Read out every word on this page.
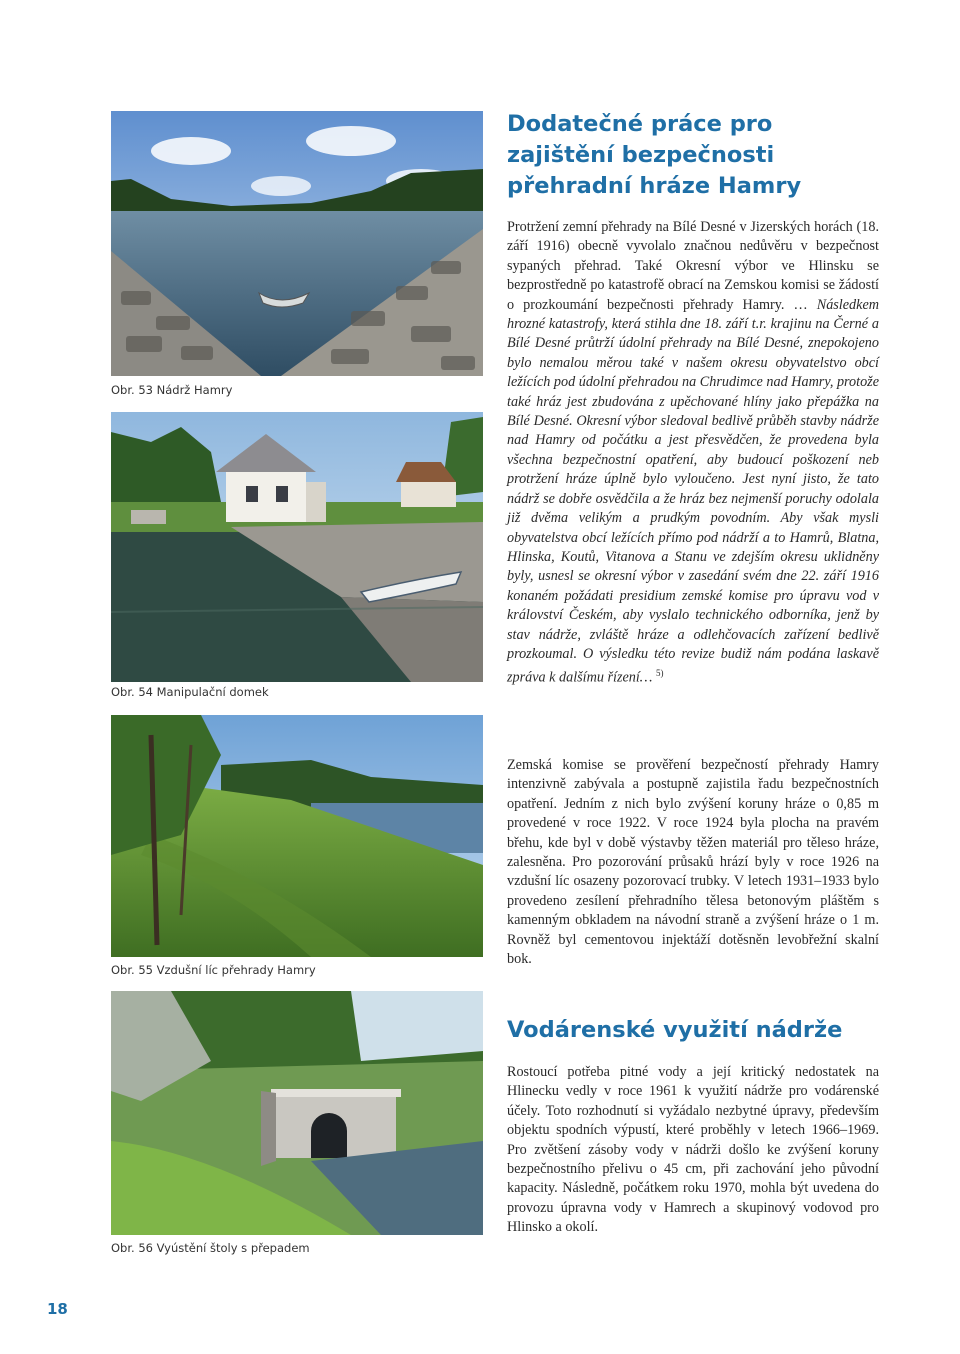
Obr. 53 Nádrž Hamry
Obr. 54 Manipulační domek
Obr. 55 Vzdušní líc přehrady Hamry
Obr. 56 Vyústění štoly s přepadem
Dodatečné práce pro zajištění bezpečnosti přehradní hráze Hamry

Protržení zemní přehrady na Bílé Desné v Jizerských horách (18. září 1916) obecně vyvolalo značnou nedůvěru v bezpečnost sypaných přehrad. Také Okresní výbor ve Hlinsku se bezprostředně po katastrofě obrací na Zemskou komisi se žádostí o prozkoumání bezpečnosti přehrady Hamry. … Následkem hrozné katastrofy, která stihla dne 18. září t.r. krajinu na Černé a Bílé Desné průtrží údolní přehrady na Bílé Desné, znepokojeno bylo nemalou měrou také v našem okresu obyvatelstvo obcí ležících pod údolní přehradou na Chrudimce nad Hamry, protože také hráz jest zbudována z upěchované hlíny jako přepážka na Bílé Desné. Okresní výbor sledoval bedlivě průběh stavby nádrže nad Hamry od počátku a jest přesvědčen, že provedena byla všechna bezpečnostní opatření, aby budoucí poškození neb protržení hráze úplně bylo vyloučeno. Jest nyní jisto, že tato nádrž se dobře osvědčila a že hráz bez nejmenší poruchy odolala již dvěma velikým a prudkým povodním. Aby však mysli obyvatelstva obcí ležících přímo pod nádrží a to Hamrů, Blatna, Hlinska, Koutů, Vitanova a Stanu ve zdejším okresu uklidněny byly, usnesl se okresní výbor v zasedání svém dne 22. září 1916 konaném požádati presidium zemské komise pro úpravu vod v království Českém, aby vyslalo technického odborníka, jenž by stav nádrže, zvláště hráze a odlehčovacích zařízení bedlivě prozkoumal. O výsledku této revize budiž nám podána laskavě zpráva k dalšímu řízení… $^{5)}$

Zemská komise se prověření bezpečností přehrady Hamry intenzivně zabývala a postupně zajistila řadu bezpečnostních opatření. Jedním z nich bylo zvýšení koruny hráze o 0,85 m provedené v roce 1922. V roce 1924 byla plocha na pravém břehu, kde byl v době výstavby těžen materiál pro těleso hráze, zalesněna. Pro pozorování průsaků hrází byly v roce 1926 na vzdušní líc osazeny pozorovací trubky. V letech 1931–1933 bylo provedeno zesílení přehradního tělesa betonovým pláštěm s kamenným obkladem na návodní straně a zvýšení hráze o 1 m. Rovněž byl cementovou injektáží dotěsněn levobřežní skalní bok.

Vodárenské využití nádrže

Rostoucí potřeba pitné vody a její kritický nedostatek na Hlinecku vedly v roce 1961 k využití nádrže pro vodárenské účely. Toto rozhodnutí si vyžádalo nezbytné úpravy, především objektu spodních výpustí, které proběhly v letech 1966–1969. Pro zvětšení zásoby vody v nádrži došlo ke zvýšení koruny bezpečnostního přelivu o 45 cm, při zachování jeho původní kapacity. Následně, počátkem roku 1970, mohla být uvedena do provozu úpravna vody v Hamrech a skupinový vodovod pro Hlinsko a okolí.

18
